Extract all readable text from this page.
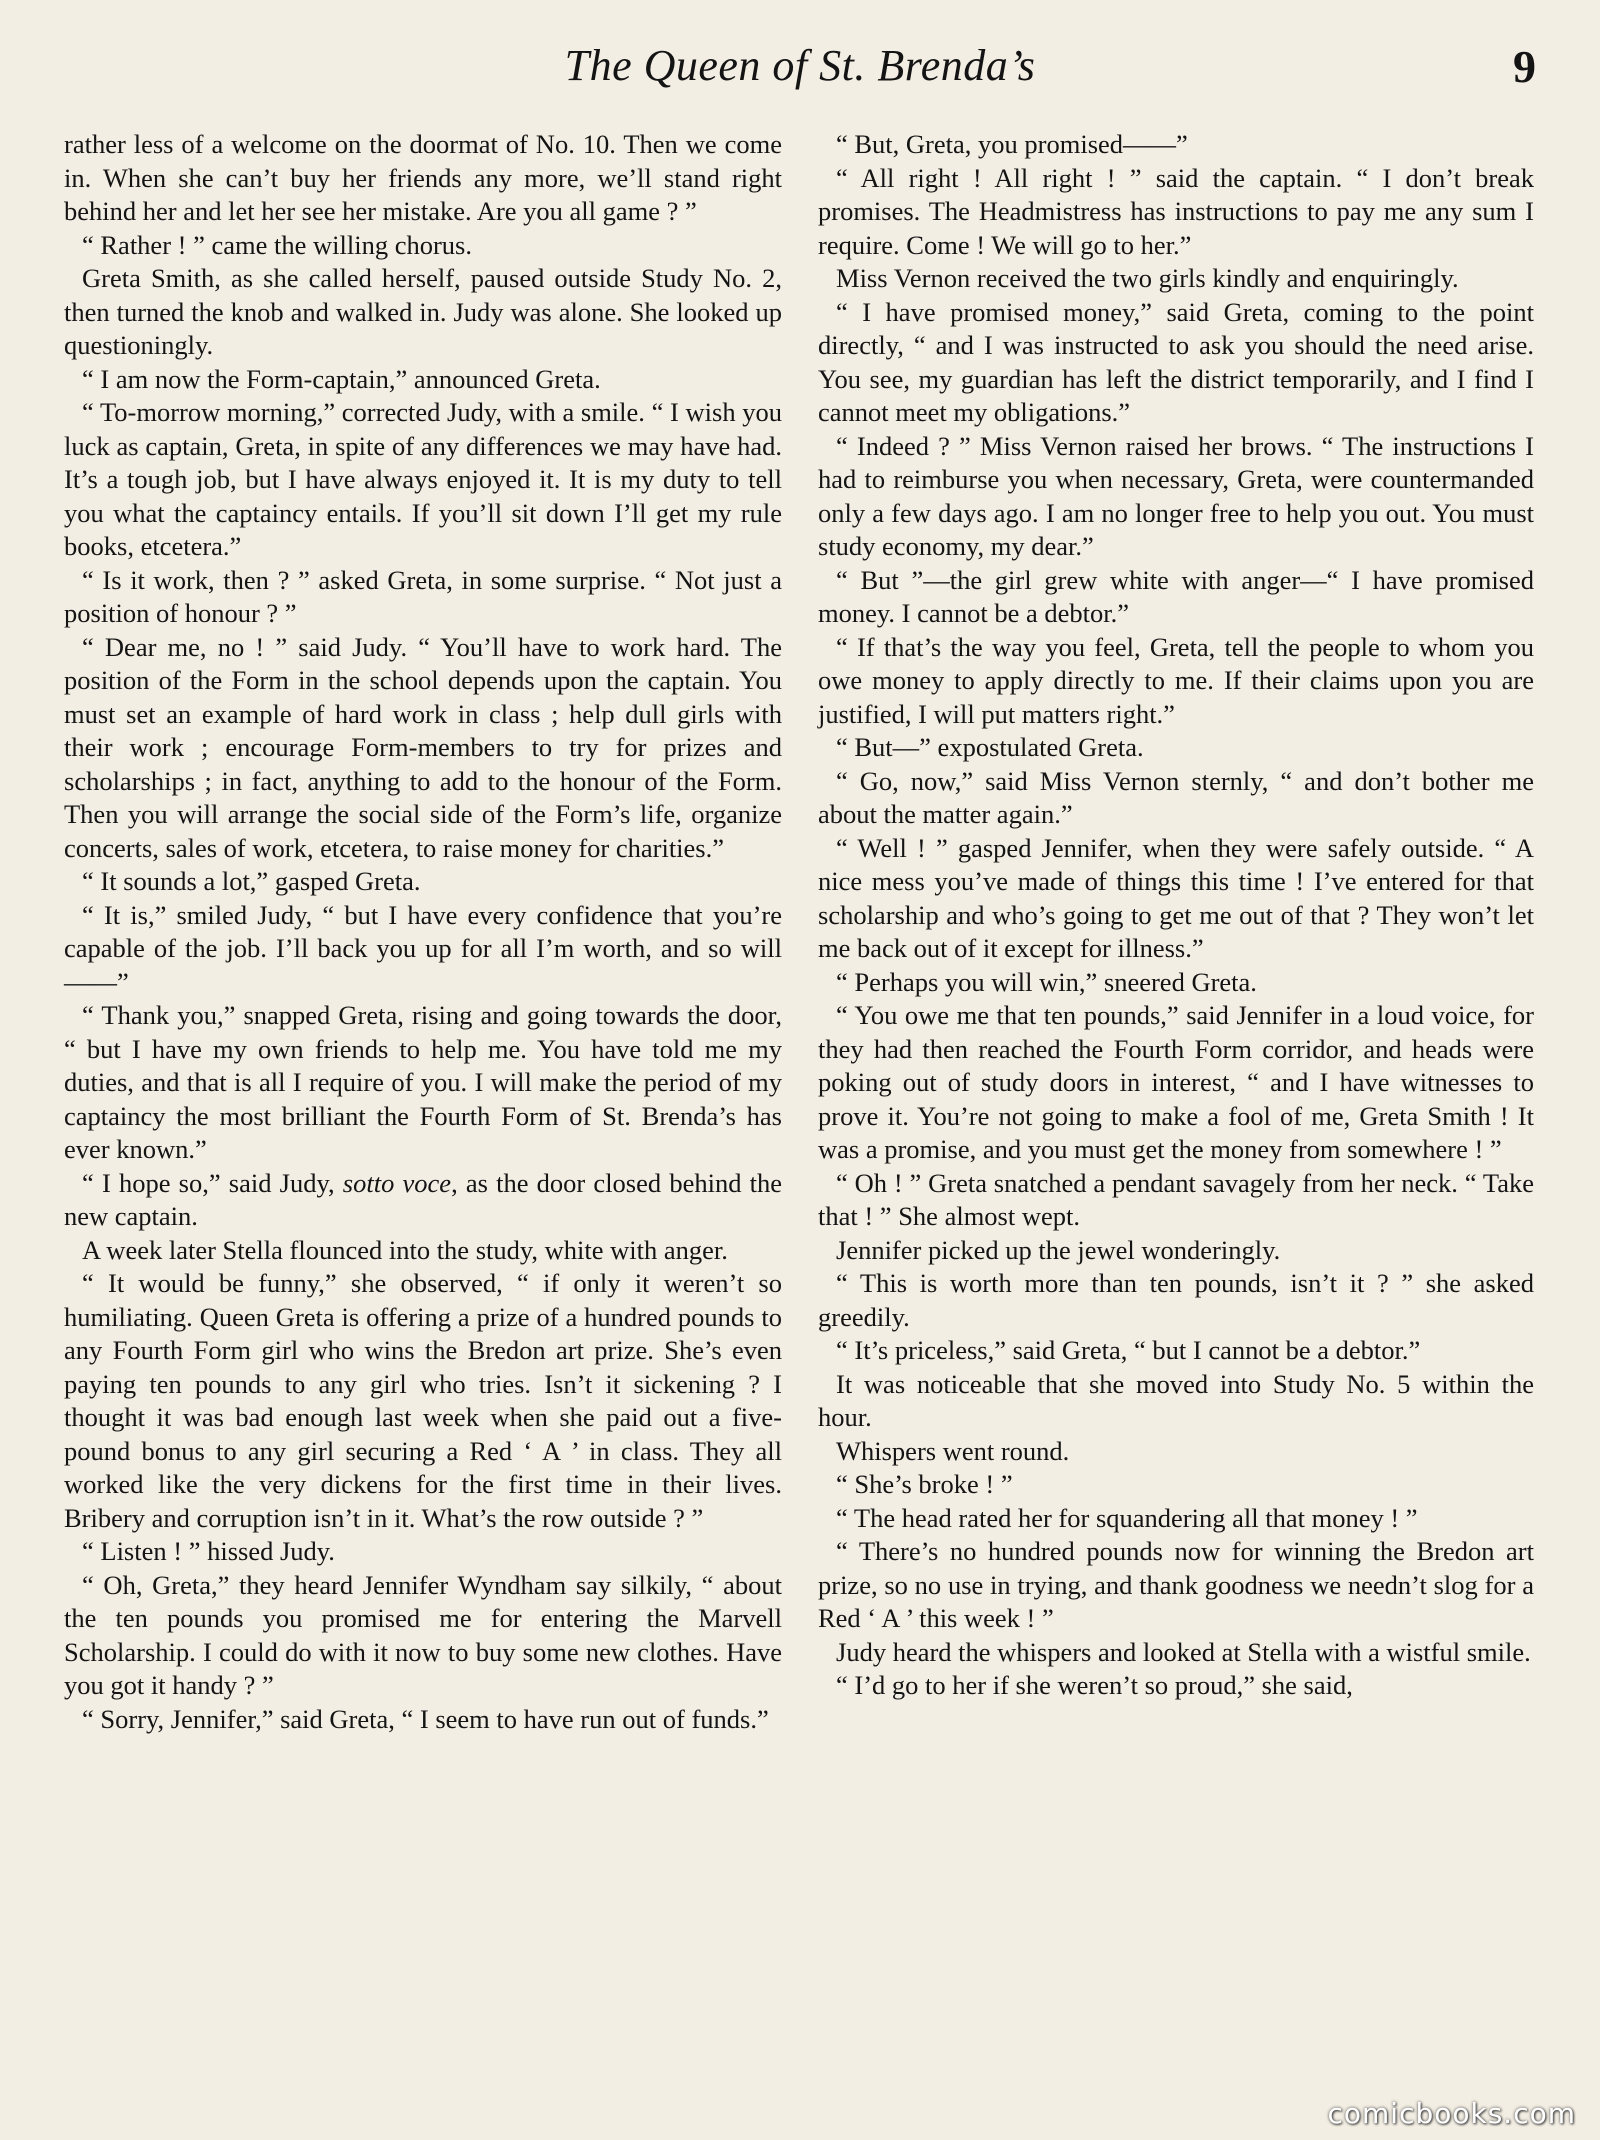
The Queen of St. Brenda’s	9

rather less of a welcome on the doormat of No. 10. Then we come in. When she can’t buy her friends any more, we’ll stand right behind her and let her see her mistake. Are you all game ? ”

“ Rather ! ” came the willing chorus.

Greta Smith, as she called herself, paused outside Study No. 2, then turned the knob and walked in. Judy was alone. She looked up questioningly.

“ I am now the Form-captain,” announced Greta.

“ To-morrow morning,” corrected Judy, with a smile. “ I wish you luck as captain, Greta, in spite of any differences we may have had. It’s a tough job, but I have always enjoyed it. It is my duty to tell you what the captaincy entails. If you’ll sit down I’ll get my rule books, etcetera.”

“ Is it work, then ? ” asked Greta, in some surprise. “ Not just a position of honour ? ”

“ Dear me, no ! ” said Judy. “ You’ll have to work hard. The position of the Form in the school depends upon the captain. You must set an example of hard work in class ; help dull girls with their work ; encourage Form-members to try for prizes and scholarships ; in fact, anything to add to the honour of the Form. Then you will arrange the social side of the Form’s life, organize concerts, sales of work, etcetera, to raise money for charities.”

“ It sounds a lot,” gasped Greta.

“ It is,” smiled Judy, “ but I have every confidence that you’re capable of the job. I’ll back you up for all I’m worth, and so will——”

“ Thank you,” snapped Greta, rising and going towards the door, “ but I have my own friends to help me. You have told me my duties, and that is all I require of you. I will make the period of my captaincy the most brilliant the Fourth Form of St. Brenda’s has ever known.”

“ I hope so,” said Judy, sotto voce, as the door closed behind the new captain.

A week later Stella flounced into the study, white with anger.

“ It would be funny,” she observed, “ if only it weren’t so humiliating. Queen Greta is offering a prize of a hundred pounds to any Fourth Form girl who wins the Bredon art prize. She’s even paying ten pounds to any girl who tries. Isn’t it sickening ? I thought it was bad enough last week when she paid out a five-pound bonus to any girl securing a Red ‘ A ’ in class. They all worked like the very dickens for the first time in their lives. Bribery and corruption isn’t in it. What’s the row outside ? ”

“ Listen ! ” hissed Judy.

“ Oh, Greta,” they heard Jennifer Wyndham say silkily, “ about the ten pounds you promised me for entering the Marvell Scholarship. I could do with it now to buy some new clothes. Have you got it handy ? ”

“ Sorry, Jennifer,” said Greta, “ I seem to have run out of funds.”

“ But, Greta, you promised——”

“ All right ! All right ! ” said the captain. “ I don’t break promises. The Headmistress has instructions to pay me any sum I require. Come ! We will go to her.”

Miss Vernon received the two girls kindly and enquiringly.

“ I have promised money,” said Greta, coming to the point directly, “ and I was instructed to ask you should the need arise. You see, my guardian has left the district temporarily, and I find I cannot meet my obligations.”

“ Indeed ? ” Miss Vernon raised her brows. “ The instructions I had to reimburse you when necessary, Greta, were countermanded only a few days ago. I am no longer free to help you out. You must study economy, my dear.”

“ But ”—the girl grew white with anger—“ I have promised money. I cannot be a debtor.”

“ If that’s the way you feel, Greta, tell the people to whom you owe money to apply directly to me. If their claims upon you are justified, I will put matters right.”

“ But—” expostulated Greta.

“ Go, now,” said Miss Vernon sternly, “ and don’t bother me about the matter again.”

“ Well ! ” gasped Jennifer, when they were safely outside. “ A nice mess you’ve made of things this time ! I’ve entered for that scholarship and who’s going to get me out of that ? They won’t let me back out of it except for illness.”

“ Perhaps you will win,” sneered Greta.

“ You owe me that ten pounds,” said Jennifer in a loud voice, for they had then reached the Fourth Form corridor, and heads were poking out of study doors in interest, “ and I have witnesses to prove it. You’re not going to make a fool of me, Greta Smith ! It was a promise, and you must get the money from somewhere ! ”

“ Oh ! ” Greta snatched a pendant savagely from her neck. “ Take that ! ” She almost wept.

Jennifer picked up the jewel wonderingly.

“ This is worth more than ten pounds, isn’t it ? ” she asked greedily.

“ It’s priceless,” said Greta, “ but I cannot be a debtor.”

It was noticeable that she moved into Study No. 5 within the hour.

Whispers went round.

“ She’s broke ! ”

“ The head rated her for squandering all that money ! ”

“ There’s no hundred pounds now for winning the Bredon art prize, so no use in trying, and thank goodness we needn’t slog for a Red ‘ A ’ this week ! ”

Judy heard the whispers and looked at Stella with a wistful smile.

“ I’d go to her if she weren’t so proud,” she said,

comicbooks.com
